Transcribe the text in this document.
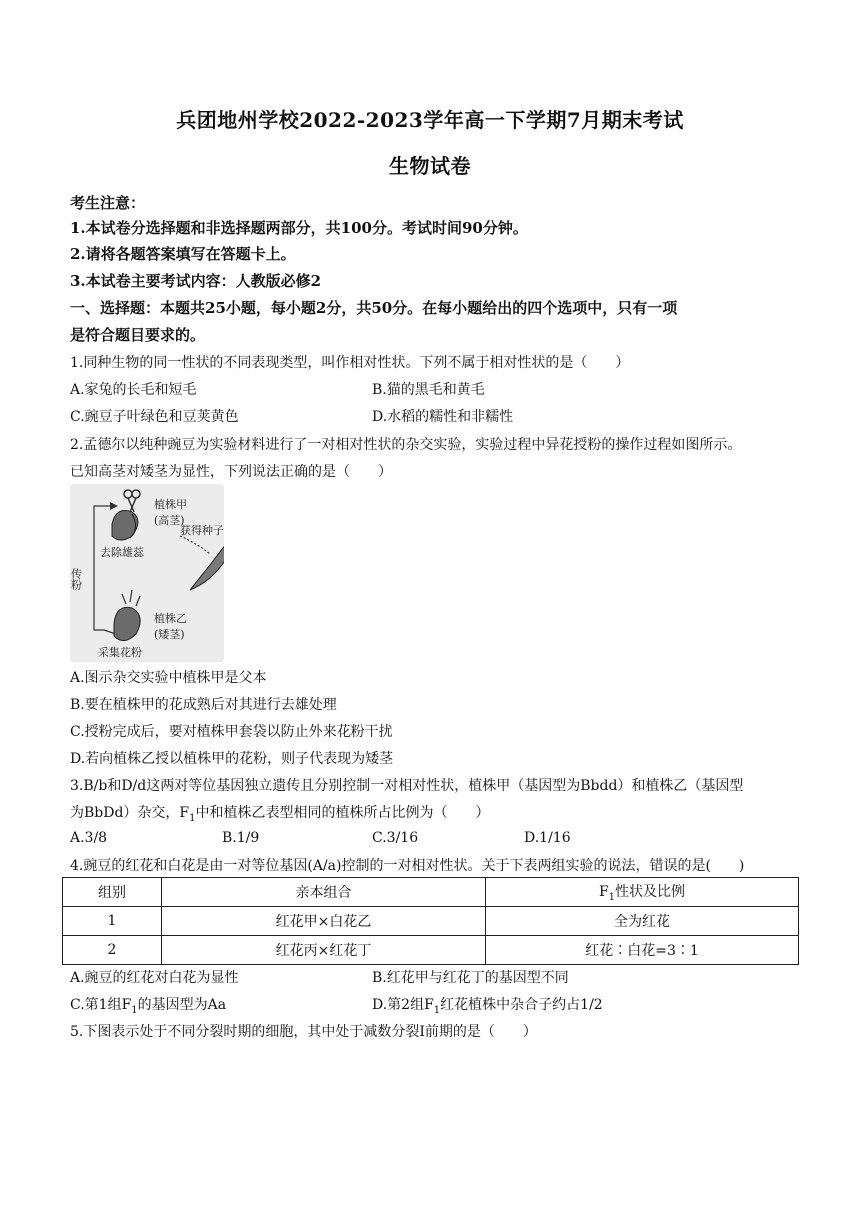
兵团地州学校2022-2023学年高一下学期7月期末考试
生物试卷
考生注意：
1.本试卷分选择题和非选择题两部分，共100分。考试时间90分钟。
2.请将各题答案填写在答题卡上。
3.本试卷主要考试内容：人教版必修2
一、选择题：本题共25小题，每小题2分，共50分。在每小题给出的四个选项中，只有一项
是符合题目要求的。
1.同种生物的同一性状的不同表现类型，叫作相对性状。下列不属于相对性状的是（　　）
A.家兔的长毛和短毛	B.猫的黑毛和黄毛
C.豌豆子叶绿色和豆荚黄色	D.水稻的糯性和非糯性
2.孟德尔以纯种豌豆为实验材料进行了一对相对性状的杂交实验，实验过程中异花授粉的操作过程如图所示。
已知高茎对矮茎为显性，下列说法正确的是（　　）
植株甲
(高茎)
获得种子
去除雄蕊
传粉
植株乙
(矮茎)
采集花粉
A.图示杂交实验中植株甲是父本
B.要在植株甲的花成熟后对其进行去雄处理
C.授粉完成后，要对植株甲套袋以防止外来花粉干扰
D.若向植株乙授以植株甲的花粉，则子代表现为矮茎
3.B/b和D/d这两对等位基因独立遗传且分别控制一对相对性状，植株甲（基因型为Bbdd）和植株乙（基因型
为BbDd）杂交，$F_1$中和植株乙表型相同的植株所占比例为（　　）
A.3/8	B.1/9	C.3/16	D.1/16
4.豌豆的红花和白花是由一对等位基因(A/a)控制的一对相对性状。关于下表两组实验的说法，错误的是(　　)
组别	亲本组合	$F_1$性状及比例
1	红花甲×白花乙	全为红花
2	红花丙×红花丁	红花∶白花=3∶1
A.豌豆的红花对白花为显性	B.红花甲与红花丁的基因型不同
C.第1组$F_1$的基因型为Aa	D.第2组$F_1$红花植株中杂合子约占1/2
5.下图表示处于不同分裂时期的细胞，其中处于减数分裂Ⅰ前期的是（　　）
